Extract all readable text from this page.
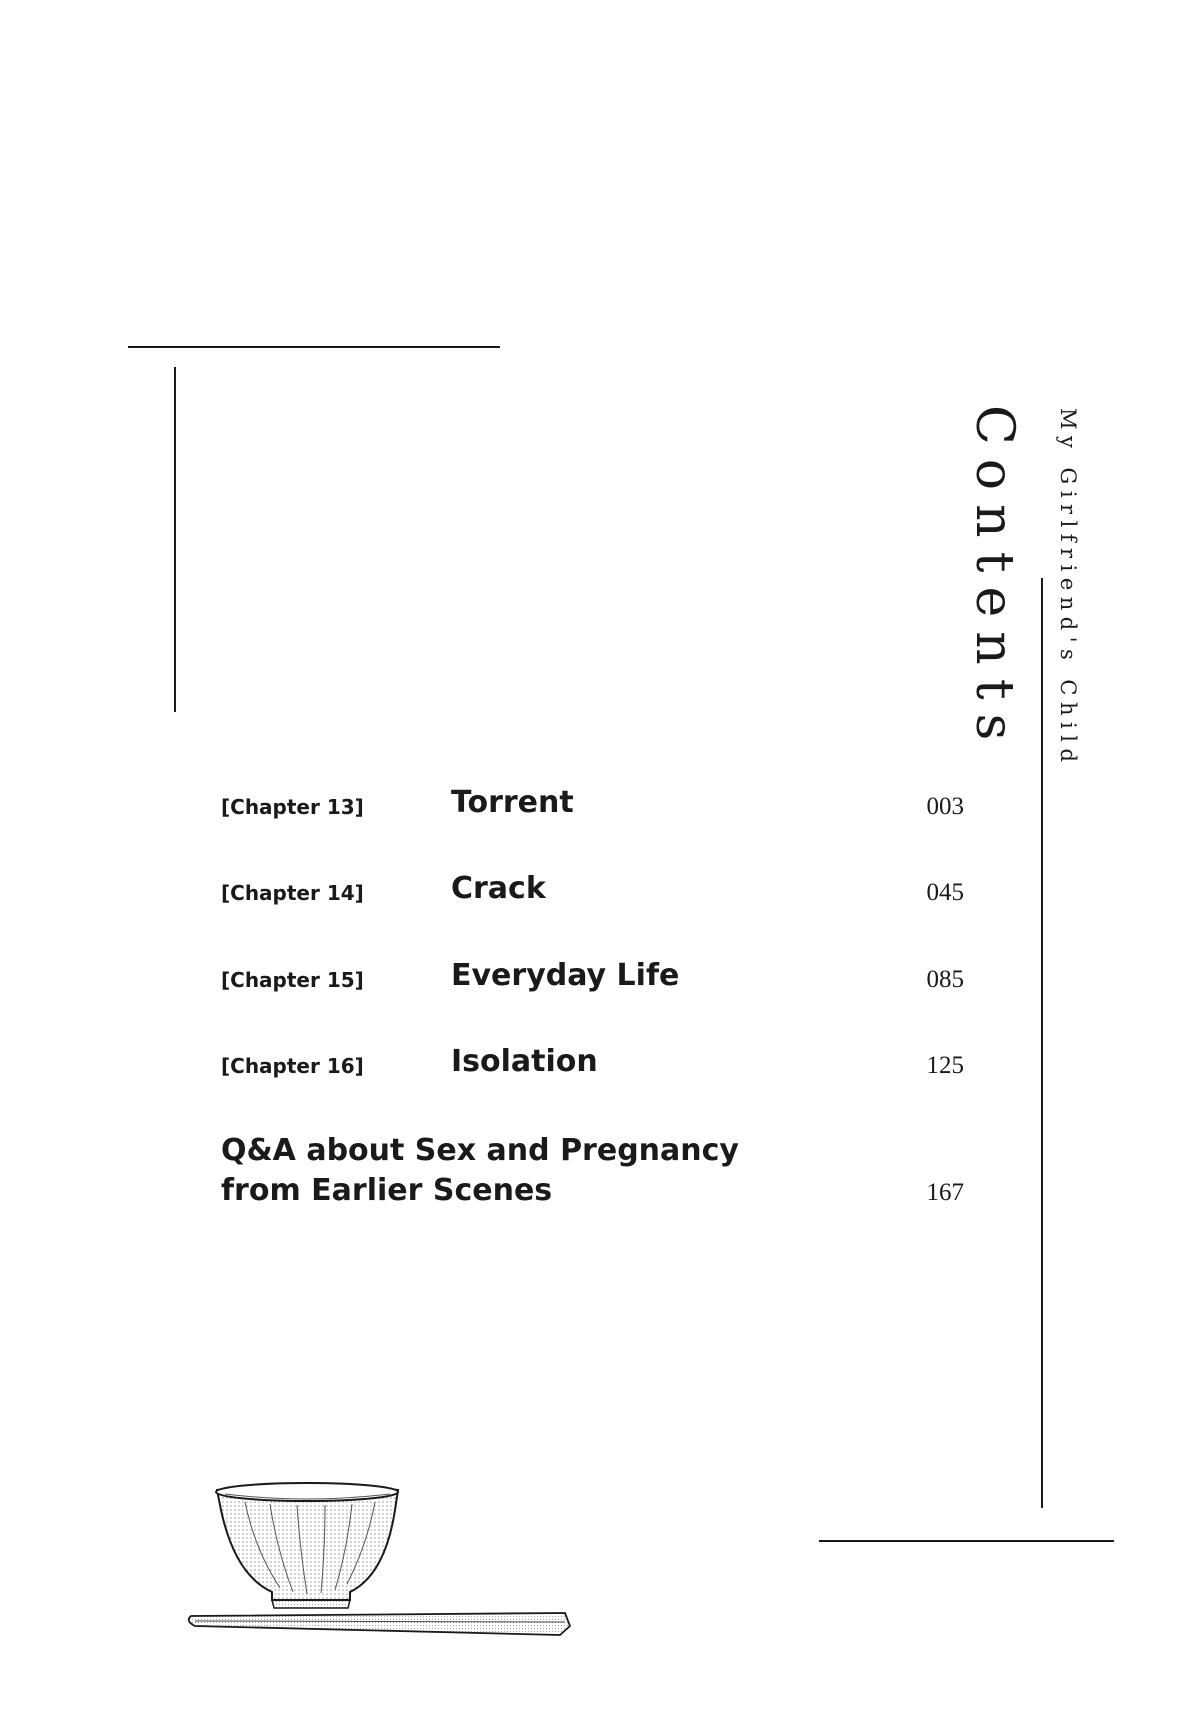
Contents My Girlfriend's Child
[Chapter 13]	Torrent	003
[Chapter 14]	Crack	045
[Chapter 15]	Everyday Life	085
[Chapter 16]	Isolation	125
Q&A about Sex and Pregnancy
from Earlier Scenes	167
